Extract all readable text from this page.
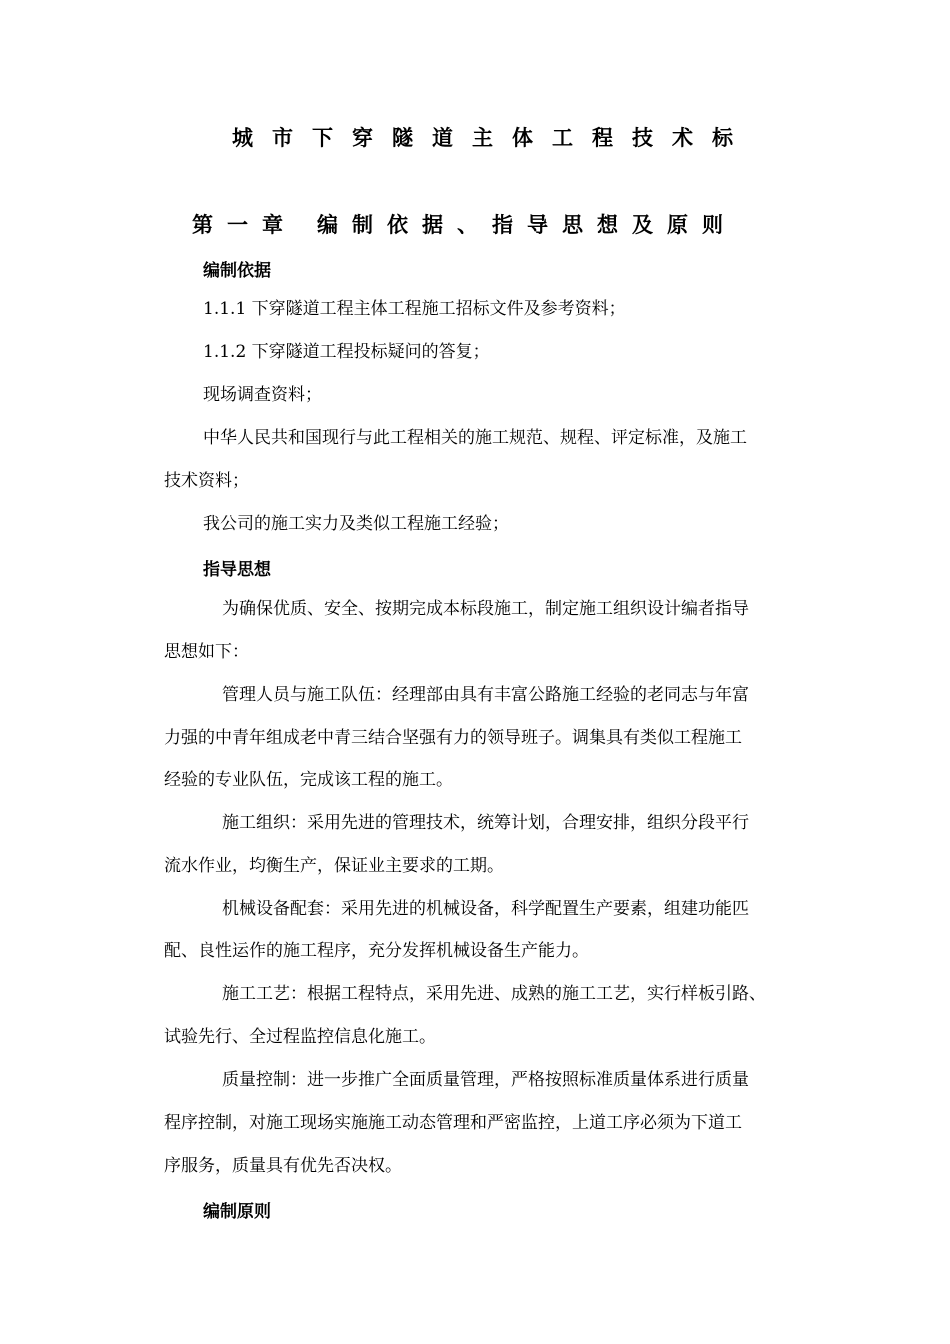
城市下穿隧道主体工程技术标
第一章 编制依据、指导思想及原则
编制依据
1.1.1 下穿隧道工程主体工程施工招标文件及参考资料；
1.1.2 下穿隧道工程投标疑问的答复；
现场调查资料；
中华人民共和国现行与此工程相关的施工规范、规程、评定标准，及施工
技术资料；
我公司的施工实力及类似工程施工经验；
指导思想
为确保优质、安全、按期完成本标段施工，制定施工组织设计编者指导
思想如下：
管理人员与施工队伍：经理部由具有丰富公路施工经验的老同志与年富
力强的中青年组成老中青三结合坚强有力的领导班子。调集具有类似工程施工
经验的专业队伍，完成该工程的施工。
施工组织：采用先进的管理技术，统筹计划，合理安排，组织分段平行
流水作业，均衡生产，保证业主要求的工期。
机械设备配套：采用先进的机械设备，科学配置生产要素，组建功能匹
配、良性运作的施工程序，充分发挥机械设备生产能力。
施工工艺：根据工程特点，采用先进、成熟的施工工艺，实行样板引路、
试验先行、全过程监控信息化施工。
质量控制：进一步推广全面质量管理，严格按照标准质量体系进行质量
程序控制，对施工现场实施施工动态管理和严密监控，上道工序必须为下道工
序服务，质量具有优先否决权。
编制原则
